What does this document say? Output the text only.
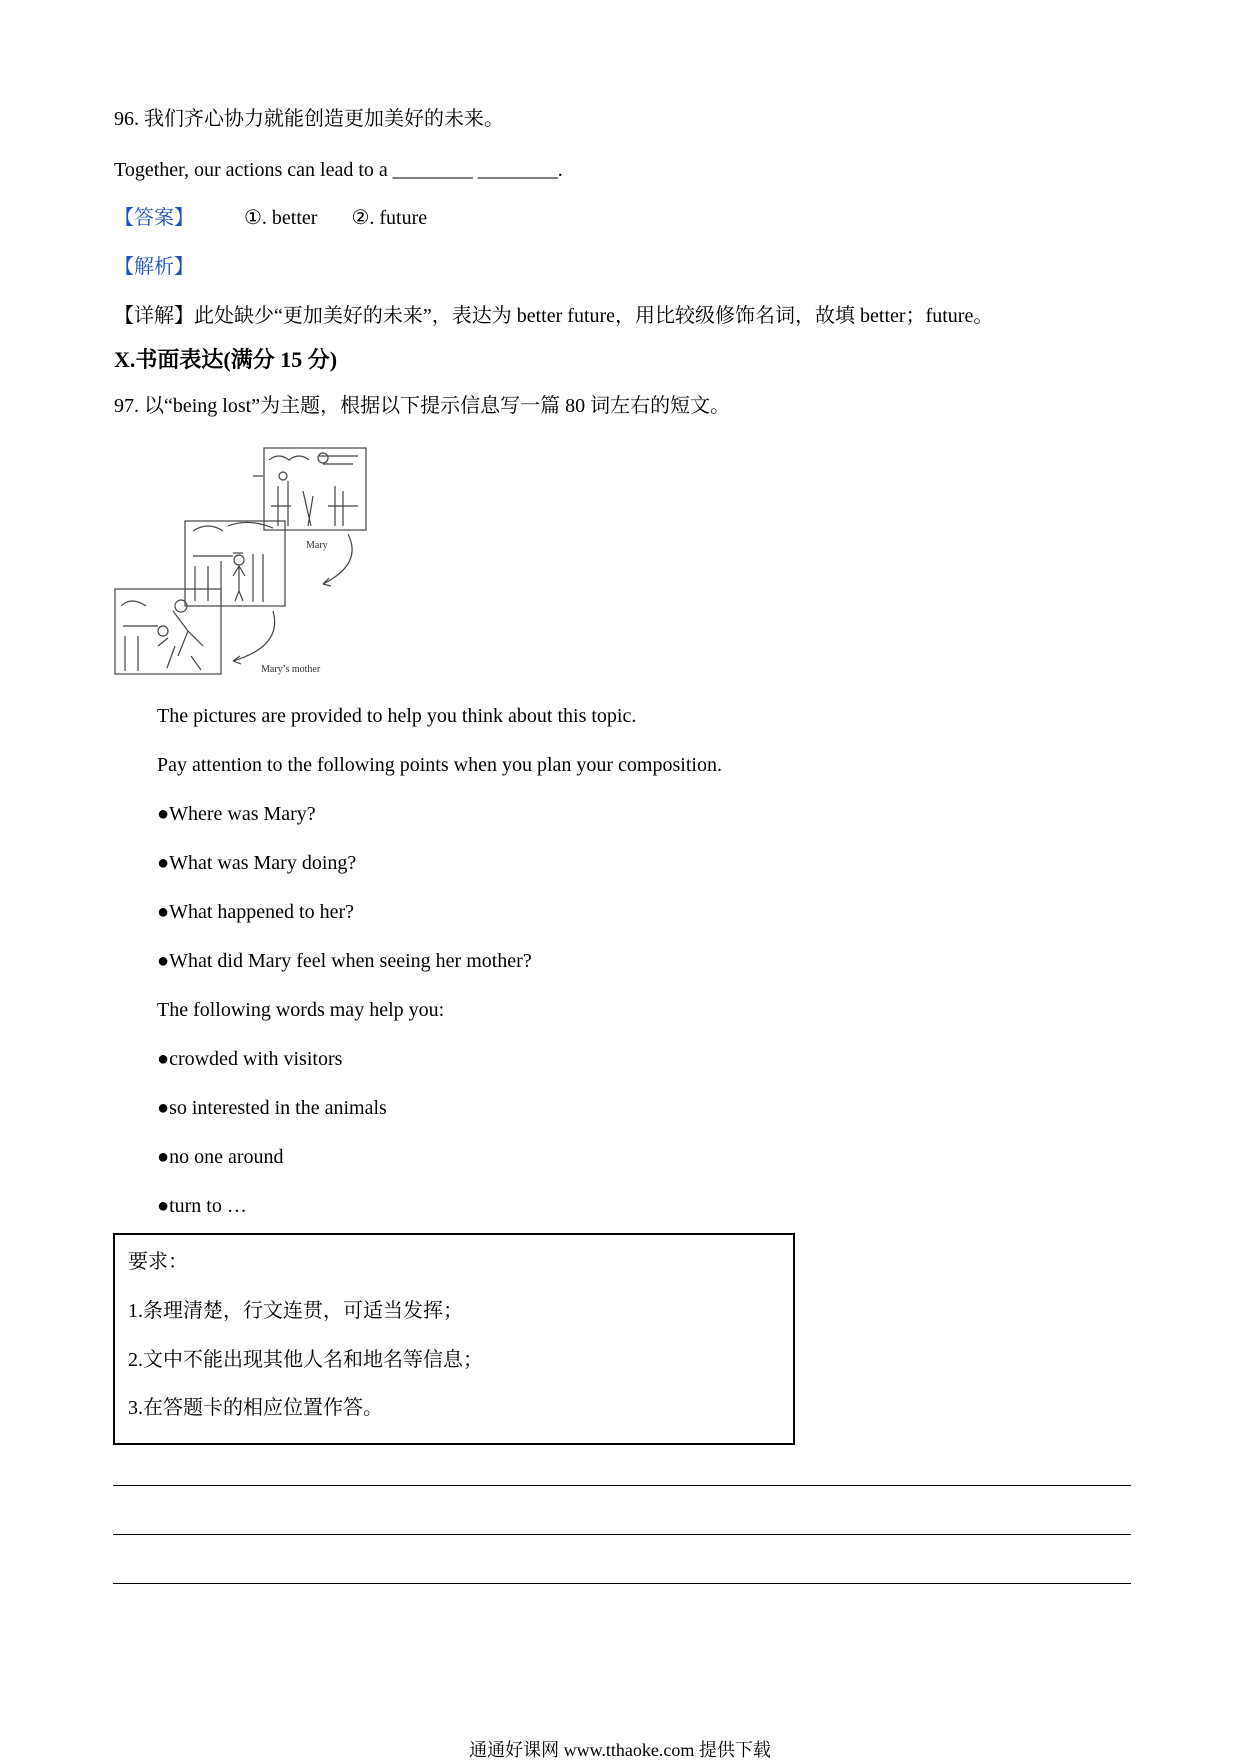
96. 我们齐心协力就能创造更加美好的未来。
Together, our actions can lead to a ________ ________.
【答案】	①. better ②. future
【解析】
【详解】此处缺少“更加美好的未来”，表达为 better future，用比较级修饰名词，故填 better；future。
X.书面表达(满分 15 分)
97. 以“being lost”为主题，根据以下提示信息写一篇 80 词左右的短文。
Mary
Mary’s mother
The pictures are provided to help you think about this topic.
Pay attention to the following points when you plan your composition.
●Where was Mary?
●What was Mary doing?
●What happened to her?
●What did Mary feel when seeing her mother?
The following words may help you:
●crowded with visitors
●so interested in the animals
●no one around
●turn to …
要求：
1.条理清楚，行文连贯，可适当发挥；
2.文中不能出现其他人名和地名等信息；
3.在答题卡的相应位置作答。
通通好课网 www.tthaoke.com 提供下载
